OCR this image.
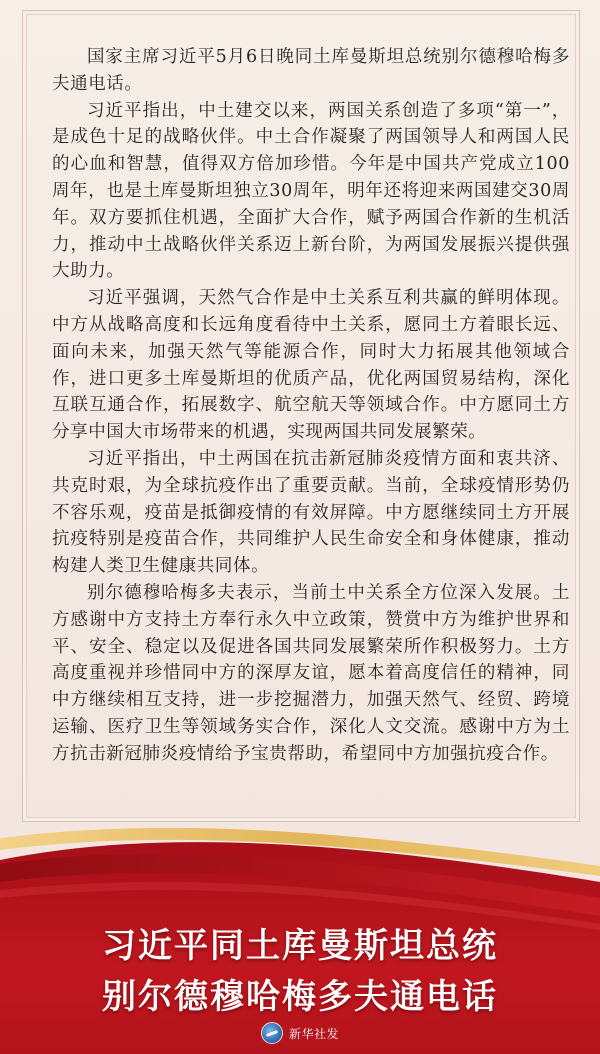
国家主席习近平5月6日晚同土库曼斯坦总统别尔德穆哈梅多夫通电话。

习近平指出，中土建交以来，两国关系创造了多项“第一”，是成色十足的战略伙伴。中土合作凝聚了两国领导人和两国人民的心血和智慧，值得双方倍加珍惜。今年是中国共产党成立100周年，也是土库曼斯坦独立30周年，明年还将迎来两国建交30周年。双方要抓住机遇，全面扩大合作，赋予两国合作新的生机活力，推动中土战略伙伴关系迈上新台阶，为两国发展振兴提供强大助力。

习近平强调，天然气合作是中土关系互利共赢的鲜明体现。中方从战略高度和长远角度看待中土关系，愿同土方着眼长远、面向未来，加强天然气等能源合作，同时大力拓展其他领域合作，进口更多土库曼斯坦的优质产品，优化两国贸易结构，深化互联互通合作，拓展数字、航空航天等领域合作。中方愿同土方分享中国大市场带来的机遇，实现两国共同发展繁荣。

习近平指出，中土两国在抗击新冠肺炎疫情方面和衷共济、共克时艰，为全球抗疫作出了重要贡献。当前，全球疫情形势仍不容乐观，疫苗是抵御疫情的有效屏障。中方愿继续同土方开展抗疫特别是疫苗合作，共同维护人民生命安全和身体健康，推动构建人类卫生健康共同体。

别尔德穆哈梅多夫表示，当前土中关系全方位深入发展。土方感谢中方支持土方奉行永久中立政策，赞赏中方为维护世界和平、安全、稳定以及促进各国共同发展繁荣所作积极努力。土方高度重视并珍惜同中方的深厚友谊，愿本着高度信任的精神，同中方继续相互支持，进一步挖掘潜力，加强天然气、经贸、跨境运输、医疗卫生等领域务实合作，深化人文交流。感谢中方为土方抗击新冠肺炎疫情给予宝贵帮助，希望同中方加强抗疫合作。

习近平同土库曼斯坦总统
别尔德穆哈梅多夫通电话
新华社发
